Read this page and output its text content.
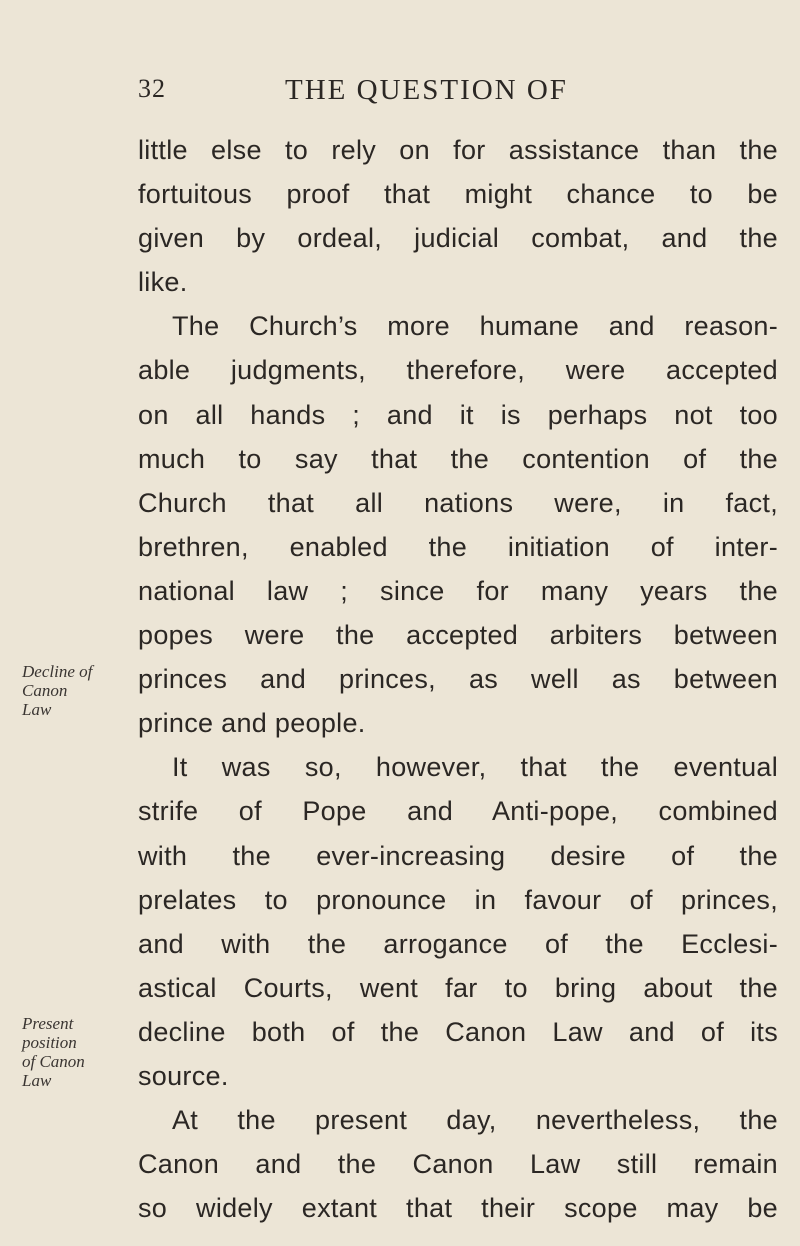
32	THE QUESTION OF
Decline of
Canon
Law
Present
position
of Canon
Law
little else to rely on for assistance than the
fortuitous proof that might chance to be
given by ordeal, judicial combat, and the
like.
The Church’s more humane and reason-
able judgments, therefore, were accepted
on all hands ; and it is perhaps not too
much to say that the contention of the
Church that all nations were, in fact,
brethren, enabled the initiation of inter-
national law ; since for many years the
popes were the accepted arbiters between
princes and princes, as well as between
prince and people.
It was so, however, that the eventual
strife of Pope and Anti-pope, combined
with the ever-increasing desire of the
prelates to pronounce in favour of princes,
and with the arrogance of the Ecclesi-
astical Courts, went far to bring about the
decline both of the Canon Law and of its
source.
At the present day, nevertheless, the
Canon and the Canon Law still remain
so widely extant that their scope may be
